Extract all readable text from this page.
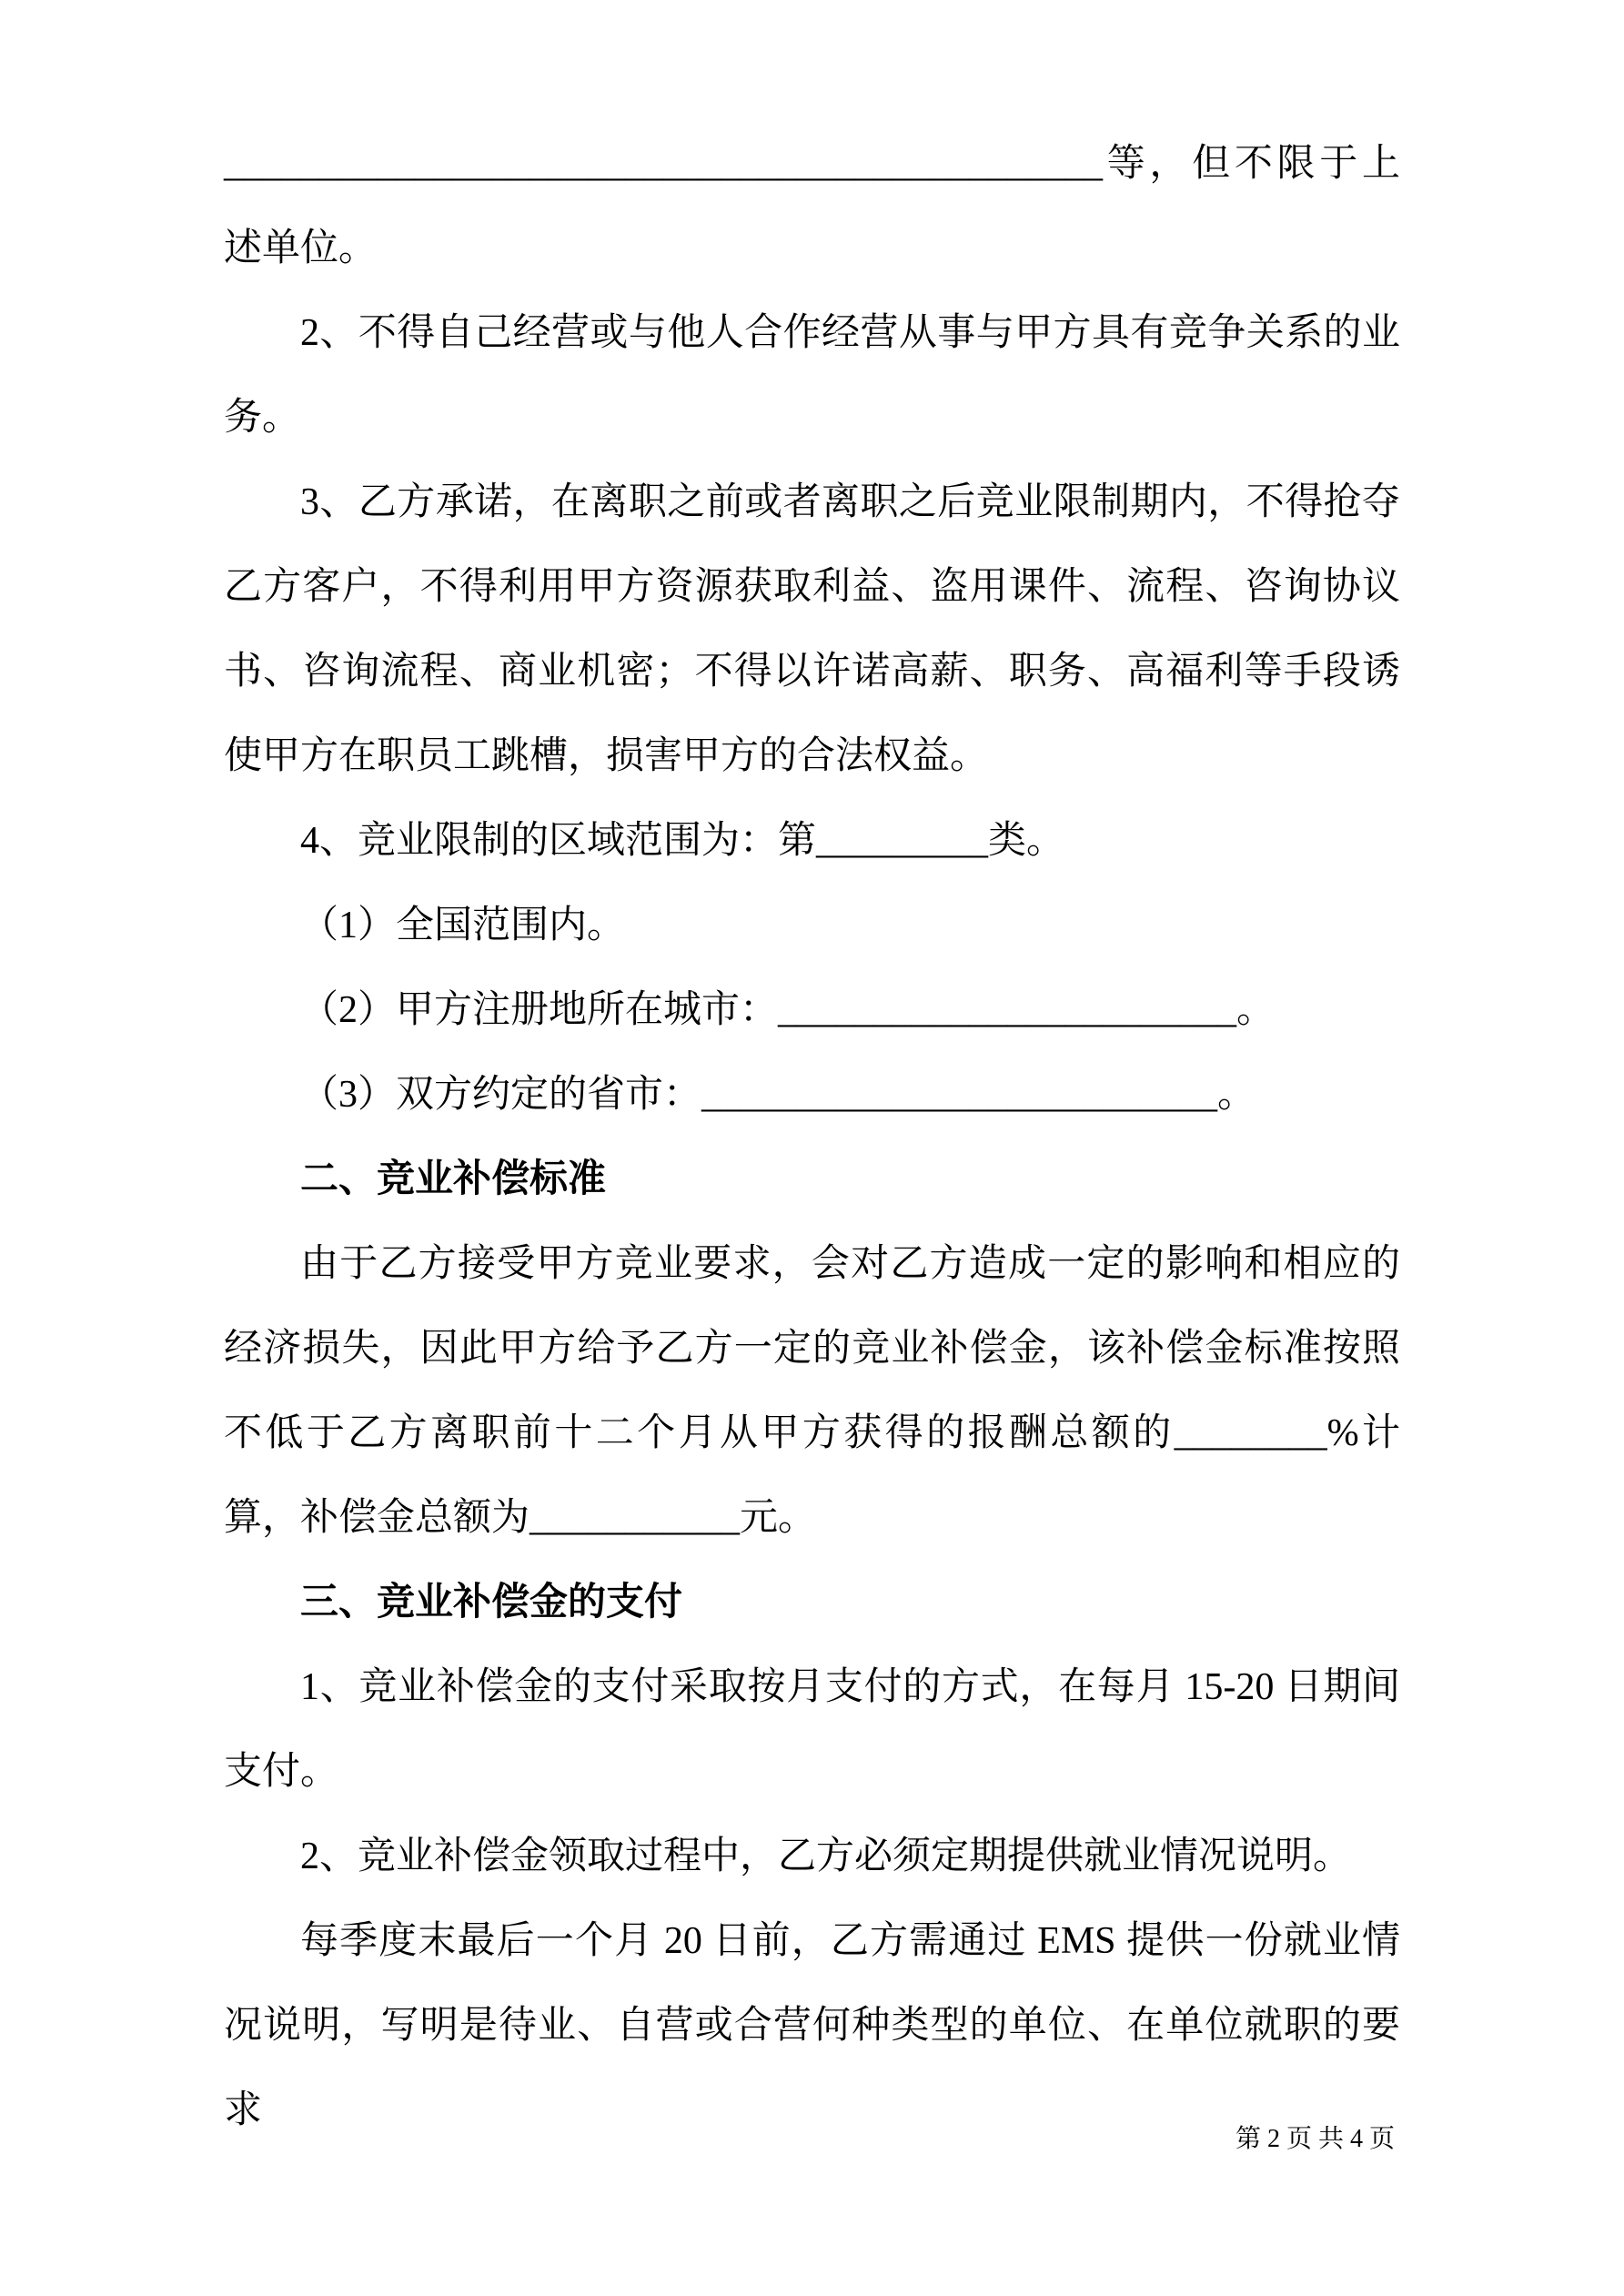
______________________________________________等，但不限于上述单位。

2、不得自己经营或与他人合作经营从事与甲方具有竞争关系的业务。

3、乙方承诺，在离职之前或者离职之后竞业限制期内，不得抢夺乙方客户，不得利用甲方资源获取利益、盗用课件、流程、咨询协议书、咨询流程、商业机密；不得以许诺高薪、职务、高福利等手段诱使甲方在职员工跳槽，损害甲方的合法权益。

4、竞业限制的区域范围为：第_________类。

（1）全国范围内。

（2）甲方注册地所在城市：________________________。

（3）双方约定的省市：___________________________。

二、竞业补偿标准

由于乙方接受甲方竞业要求，会对乙方造成一定的影响和相应的经济损失，因此甲方给予乙方一定的竞业补偿金，该补偿金标准按照不低于乙方离职前十二个月从甲方获得的报酬总额的________%计算，补偿金总额为___________元。

三、竞业补偿金的支付

1、竞业补偿金的支付采取按月支付的方式，在每月 15-20 日期间支付。

2、竞业补偿金领取过程中，乙方必须定期提供就业情况说明。

每季度末最后一个月 20 日前，乙方需通过 EMS 提供一份就业情况说明，写明是待业、自营或合营何种类型的单位、在单位就职的要求

第 2 页 共 4 页
